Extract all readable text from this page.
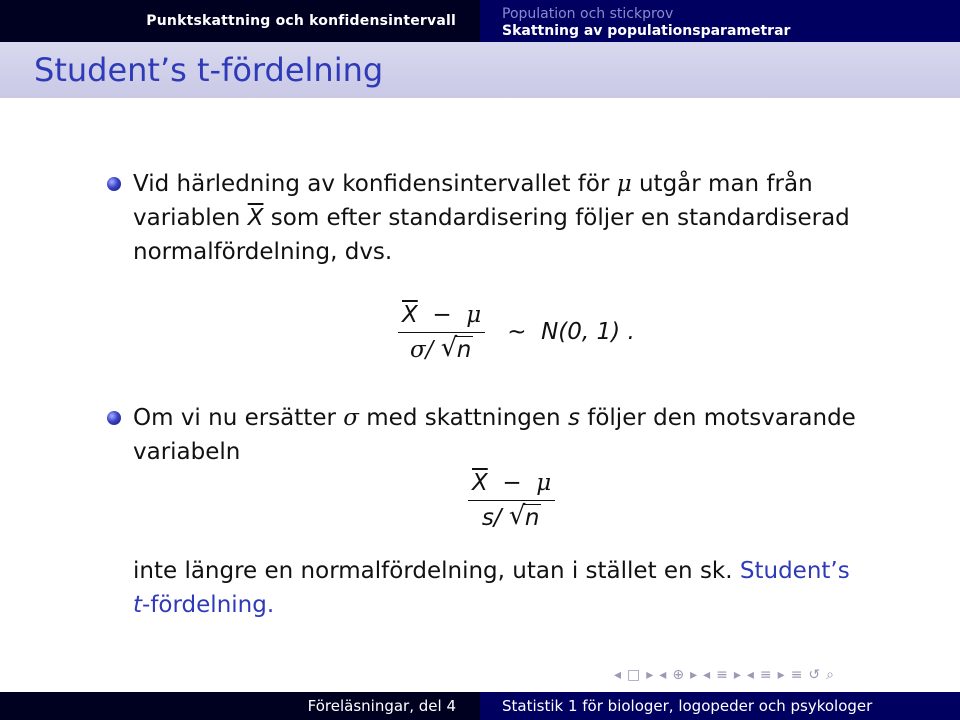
Punktskattning och konfidensintervall	Population och stickprov
Skattning av populationsparametrar
Student’s t-fördelning
Vid härledning av konfidensintervallet för μ utgår man från
variablen $\overline{X}$ som efter standardisering följer en standardiserad
normalfördelning, dvs.
$\frac{\overline{X} - \mu}{\sigma/ √ n}$ ∼ N(0, 1) .
Om vi nu ersätter σ med skattningen s följer den motsvarande
variabeln
$\frac{\overline{X} - \mu}{s/ √ n}$
inte längre en normalfördelning, utan i stället en sk. Student’s
t-fördelning.
◂ □ ▸ ◂ ⊕ ▸ ◂ ≡ ▸ ◂ ≡ ▸ ≡ ↺ ⌕
Föreläsningar, del 4	Statistik 1 för biologer, logopeder och psykologer
